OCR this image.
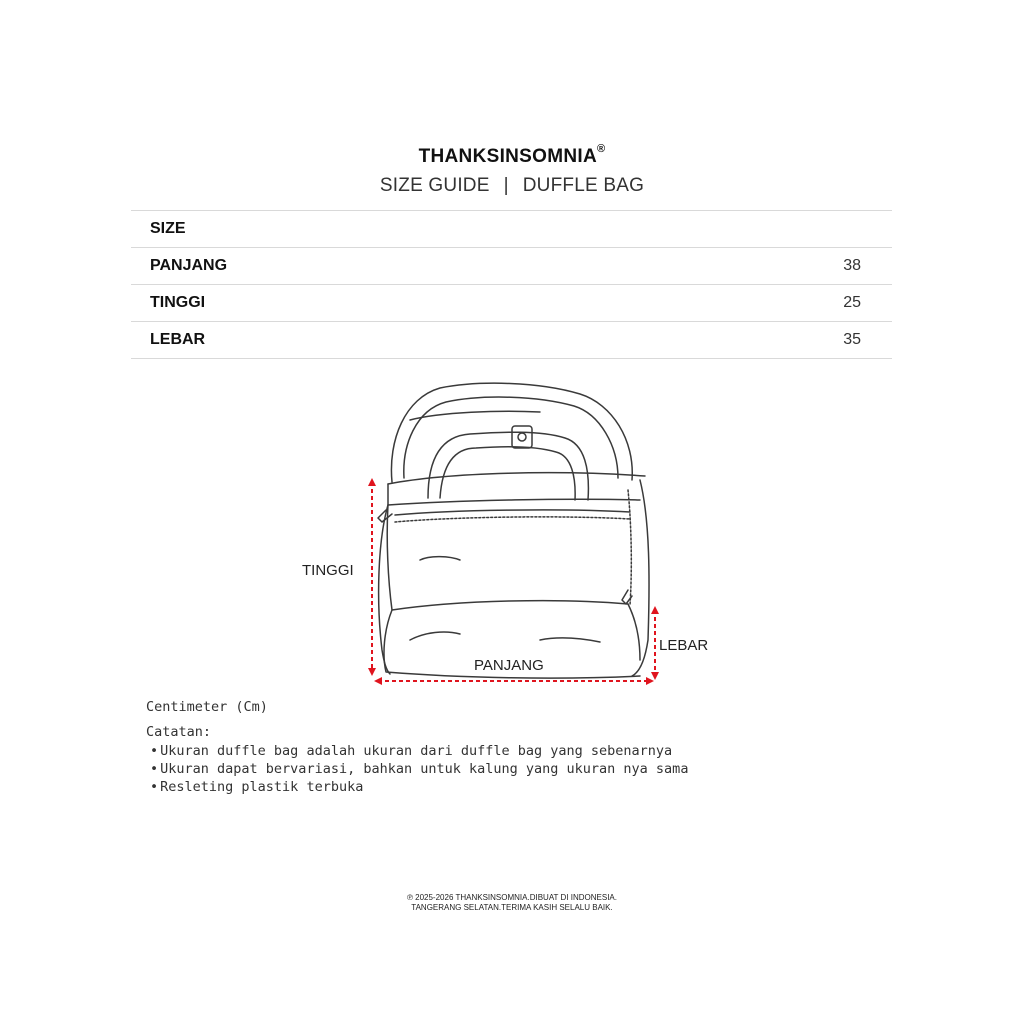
THANKSINSOMNIA®
SIZE GUIDE | DUFFLE BAG
SIZE	
PANJANG	38
TINGGI	25
LEBAR	35
TINGGI
PANJANG
LEBAR
Centimeter (Cm)
Catatan:
• Ukuran duffle bag adalah ukuran dari duffle bag yang sebenarnya
• Ukuran dapat bervariasi, bahkan untuk kalung yang ukuran nya sama
• Resleting plastik terbuka
℗ 2025-2026 THANKSINSOMNIA.DIBUAT DI INDONESIA.
TANGERANG SELATAN.TERIMA KASIH SELALU BAIK.
